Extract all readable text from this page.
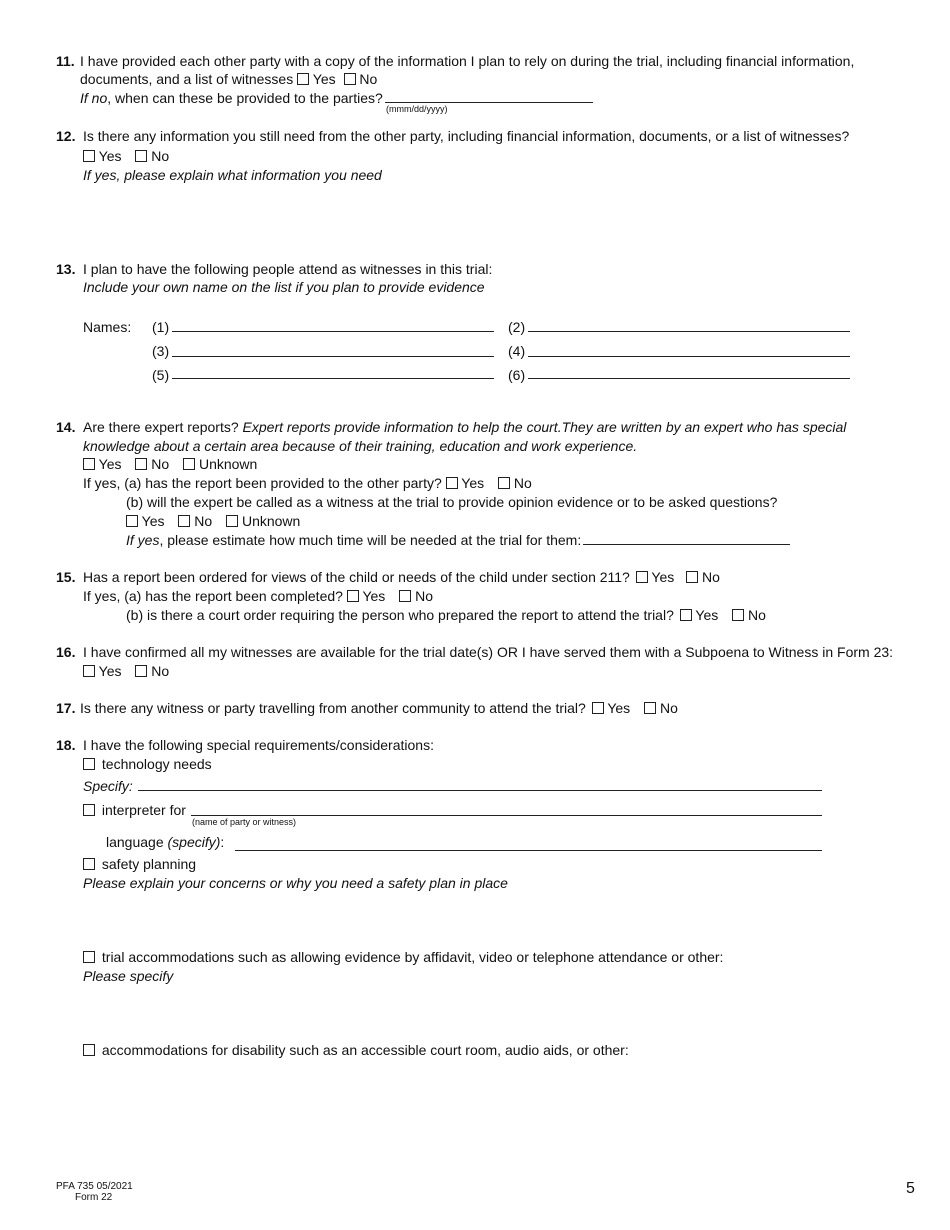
11. I have provided each other party with a copy of the information I plan to rely on during the trial, including financial information,
documents, and a list of witnesses Yes No
If no, when can these be provided to the parties?
(mmm/dd/yyyy)
12. Is there any information you still need from the other party, including financial information, documents, or a list of witnesses?
Yes No
If yes, please explain what information you need
13. I plan to have the following people attend as witnesses in this trial:
Include your own name on the list if you plan to provide evidence
Names: (1)	(2)
(3)	(4)
(5)	(6)
14. Are there expert reports? Expert reports provide information to help the court.They are written by an expert who has special
knowledge about a certain area because of their training, education and work experience.
Yes No Unknown
If yes, (a) has the report been provided to the other party? Yes No
(b) will the expert be called as a witness at the trial to provide opinion evidence or to be asked questions?
Yes No Unknown
If yes, please estimate how much time will be needed at the trial for them:
15. Has a report been ordered for views of the child or needs of the child under section 211? Yes No
If yes, (a) has the report been completed? Yes No
(b) is there a court order requiring the person who prepared the report to attend the trial? Yes No
16. I have confirmed all my witnesses are available for the trial date(s) OR I have served them with a Subpoena to Witness in Form 23:
Yes No
17. Is there any witness or party travelling from another community to attend the trial? Yes No
18. I have the following special requirements/considerations:
technology needs
Specify:
interpreter for
(name of party or witness)
language (specify):
safety planning
Please explain your concerns or why you need a safety plan in place
trial accommodations such as allowing evidence by affidavit, video or telephone attendance or other:
Please specify
accommodations for disability such as an accessible court room, audio aids, or other:
PFA 735 05/2021
Form 22
5
